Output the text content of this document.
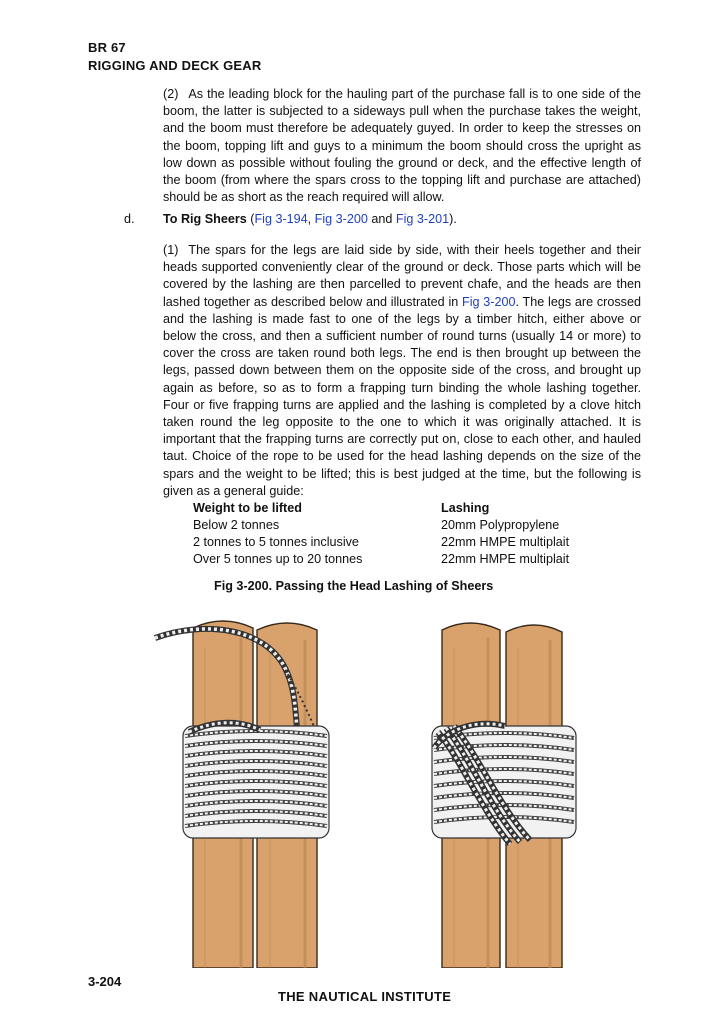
BR 67
RIGGING AND DECK GEAR

(2) As the leading block for the hauling part of the purchase fall is to one side of the boom, the latter is subjected to a sideways pull when the purchase takes the weight, and the boom must therefore be adequately guyed. In order to keep the stresses on the boom, topping lift and guys to a minimum the boom should cross the upright as low down as possible without fouling the ground or deck, and the effective length of the boom (from where the spars cross to the topping lift and purchase are attached) should be as short as the reach required will allow.

d. To Rig Sheers (Fig 3-194, Fig 3-200 and Fig 3-201).

(1) The spars for the legs are laid side by side, with their heels together and their heads supported conveniently clear of the ground or deck. Those parts which will be covered by the lashing are then parcelled to prevent chafe, and the heads are then lashed together as described below and illustrated in Fig 3-200. The legs are crossed and the lashing is made fast to one of the legs by a timber hitch, either above or below the cross, and then a sufficient number of round turns (usually 14 or more) to cover the cross are taken round both legs. The end is then brought up between the legs, passed down between them on the opposite side of the cross, and brought up again as before, so as to form a frapping turn binding the whole lashing together. Four or five frapping turns are applied and the lashing is completed by a clove hitch taken round the leg opposite to the one to which it was originally attached. It is important that the frapping turns are correctly put on, close to each other, and hauled taut. Choice of the rope to be used for the head lashing depends on the size of the spars and the weight to be lifted; this is best judged at the time, but the following is given as a general guide:

Weight to be lifted	Lashing
Below 2 tonnes	20mm Polypropylene
2 tonnes to 5 tonnes inclusive	22mm HMPE multiplait
Over 5 tonnes up to 20 tonnes	22mm HMPE multiplait
Fig 3-200. Passing the Head Lashing of Sheers
3-204
THE NAUTICAL INSTITUTE
